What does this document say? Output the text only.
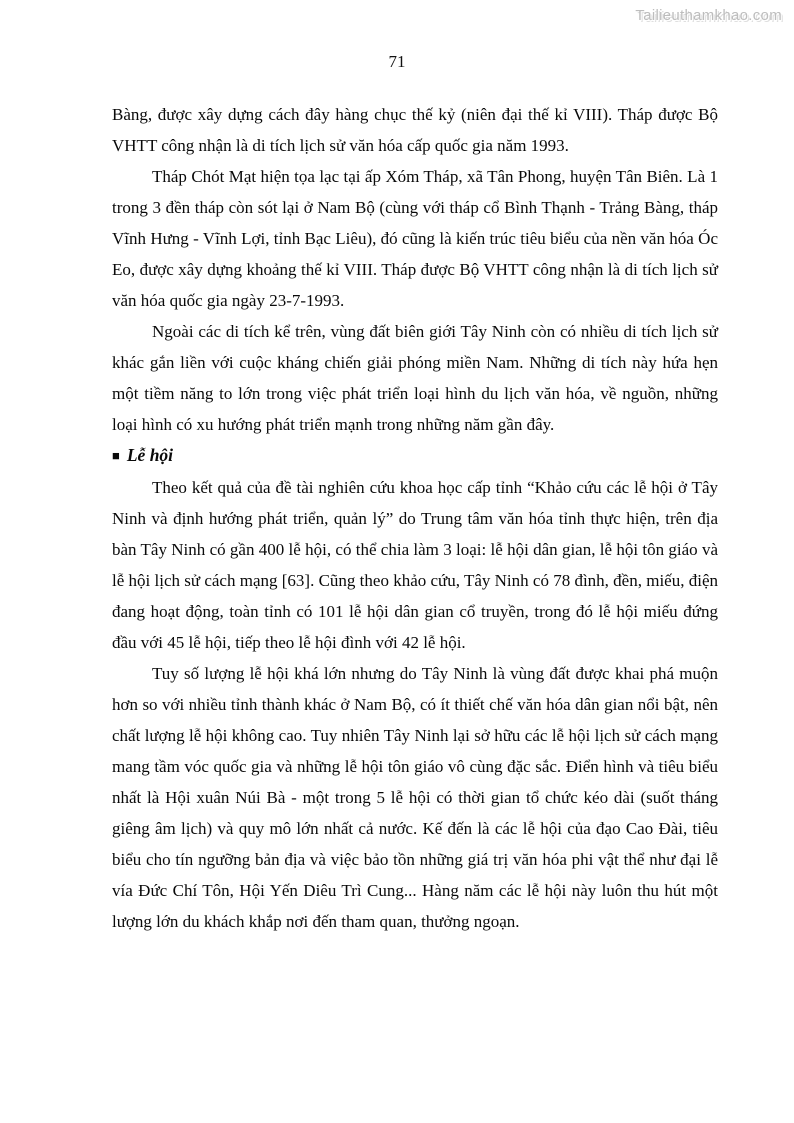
Tailieuthamkhao.com
71

Bàng, được xây dựng cách đây hàng chục thế kỷ (niên đại thế kỉ VIII). Tháp được Bộ VHTT công nhận là di tích lịch sử văn hóa cấp quốc gia năm 1993.

Tháp Chót Mạt hiện tọa lạc tại ấp Xóm Tháp, xã Tân Phong, huyện Tân Biên. Là 1 trong 3 đền tháp còn sót lại ở Nam Bộ (cùng với tháp cổ Bình Thạnh - Trảng Bàng, tháp Vĩnh Hưng - Vĩnh Lợi, tỉnh Bạc Liêu), đó cũng là kiến trúc tiêu biểu của nền văn hóa Óc Eo, được xây dựng khoảng thế kỉ VIII. Tháp được Bộ VHTT công nhận là di tích lịch sử văn hóa quốc gia ngày 23-7-1993.

Ngoài các di tích kể trên, vùng đất biên giới Tây Ninh còn có nhiều di tích lịch sử khác gắn liền với cuộc kháng chiến giải phóng miền Nam. Những di tích này hứa hẹn một tiềm năng to lớn trong việc phát triển loại hình du lịch văn hóa, về nguồn, những loại hình có xu hướng phát triển mạnh trong những năm gần đây.

■ Lễ hội

Theo kết quả của đề tài nghiên cứu khoa học cấp tỉnh “Khảo cứu các lễ hội ở Tây Ninh và định hướng phát triển, quản lý” do Trung tâm văn hóa tỉnh thực hiện, trên địa bàn Tây Ninh có gần 400 lễ hội, có thể chia làm 3 loại: lễ hội dân gian, lễ hội tôn giáo và lễ hội lịch sử cách mạng [63]. Cũng theo khảo cứu, Tây Ninh có 78 đình, đền, miếu, điện đang hoạt động, toàn tỉnh có 101 lễ hội dân gian cổ truyền, trong đó lễ hội miếu đứng đầu với 45 lễ hội, tiếp theo lễ hội đình với 42 lễ hội.

Tuy số lượng lễ hội khá lớn nhưng do Tây Ninh là vùng đất được khai phá muộn hơn so với nhiều tỉnh thành khác ở Nam Bộ, có ít thiết chế văn hóa dân gian nổi bật, nên chất lượng lễ hội không cao. Tuy nhiên Tây Ninh lại sở hữu các lễ hội lịch sử cách mạng mang tầm vóc quốc gia và những lễ hội tôn giáo vô cùng đặc sắc. Điển hình và tiêu biểu nhất là Hội xuân Núi Bà - một trong 5 lễ hội có thời gian tổ chức kéo dài (suốt tháng giêng âm lịch) và quy mô lớn nhất cả nước. Kế đến là các lễ hội của đạo Cao Đài, tiêu biểu cho tín ngưỡng bản địa và việc bảo tồn những giá trị văn hóa phi vật thể như đại lễ vía Đức Chí Tôn, Hội Yến Diêu Trì Cung... Hàng năm các lễ hội này luôn thu hút một lượng lớn du khách khắp nơi đến tham quan, thưởng ngoạn.
